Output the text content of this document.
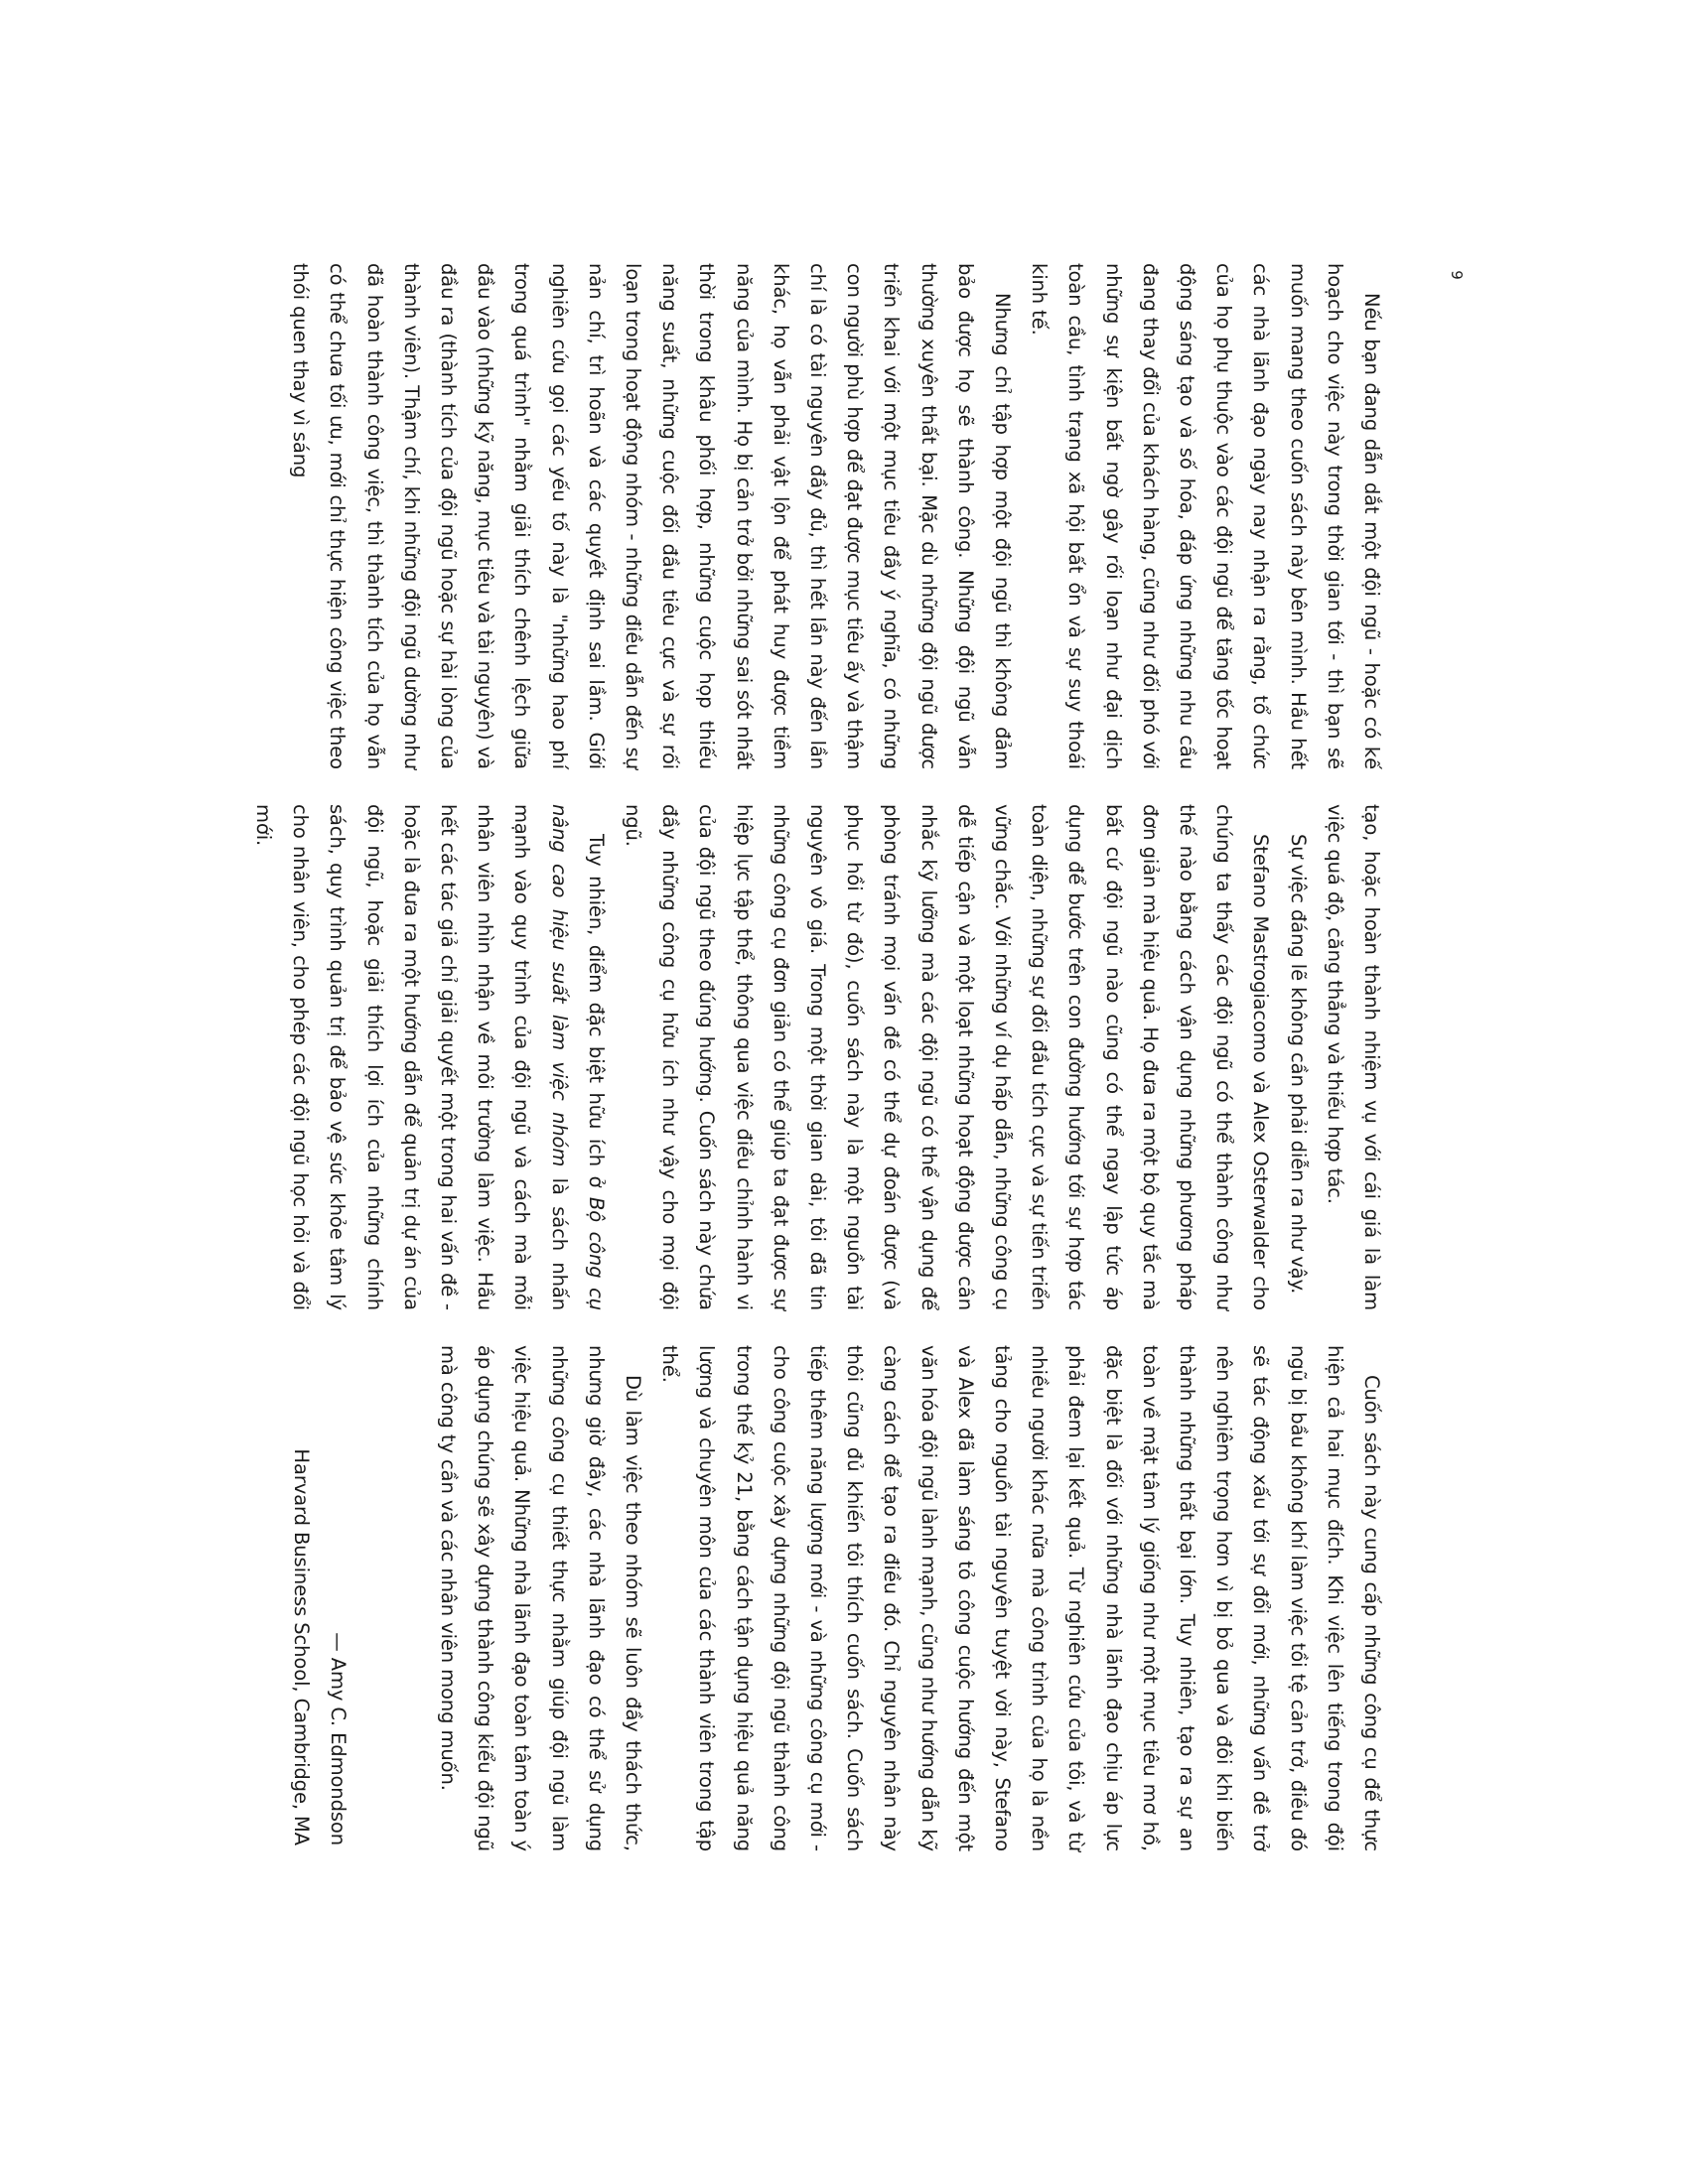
Nếu bạn đang dẫn dắt một đội ngũ - hoặc có kế hoạch cho việc này trong thời gian tới - thì bạn sẽ muốn mang theo cuốn sách này bên mình. Hầu hết các nhà lãnh đạo ngày nay nhận ra rằng, tổ chức của họ phụ thuộc vào các đội ngũ để tăng tốc hoạt động sáng tạo và số hóa, đáp ứng những nhu cầu đang thay đổi của khách hàng, cũng như đối phó với những sự kiện bất ngờ gây rối loạn như đại dịch toàn cầu, tình trạng xã hội bất ổn và sự suy thoái kinh tế.

Nhưng chỉ tập hợp một đội ngũ thì không đảm bảo được họ sẽ thành công. Những đội ngũ vẫn thường xuyên thất bại. Mặc dù những đội ngũ được triển khai với một mục tiêu đầy ý nghĩa, có những con người phù hợp để đạt được mục tiêu ấy và thậm chí là có tài nguyên đầy đủ, thì hết lần này đến lần khác, họ vẫn phải vật lộn để phát huy được tiềm năng của mình. Họ bị cản trở bởi những sai sót nhất thời trong khâu phối hợp, những cuộc họp thiếu năng suất, những cuộc đối đầu tiêu cực và sự rối loạn trong hoạt động nhóm - những điều dẫn đến sự nản chí, trì hoãn và các quyết định sai lầm. Giới nghiên cứu gọi các yếu tố này là "những hao phí trong quá trình" nhằm giải thích chênh lệch giữa đầu vào (những kỹ năng, mục tiêu và tài nguyên) và đầu ra (thành tích của đội ngũ hoặc sự hài lòng của thành viên). Thậm chí, khi những đội ngũ dường như đã hoàn thành công việc, thì thành tích của họ vẫn có thể chưa tối ưu, mới chỉ thực hiện công việc theo thói quen thay vì sáng

tạo, hoặc hoàn thành nhiệm vụ với cái giá là làm việc quá độ, căng thẳng và thiếu hợp tác.

Sự việc đáng lẽ không cần phải diễn ra như vậy.

Stefano Mastrogiacomo và Alex Osterwalder cho chúng ta thấy các đội ngũ có thể thành công như thế nào bằng cách vận dụng những phương pháp đơn giản mà hiệu quả. Họ đưa ra một bộ quy tắc mà bất cứ đội ngũ nào cũng có thể ngay lập tức áp dụng để bước trên con đường hướng tới sự hợp tác toàn diện, những sự đối đầu tích cực và sự tiến triển vững chắc. Với những ví dụ hấp dẫn, những công cụ dễ tiếp cận và một loạt những hoạt động được cân nhắc kỹ lưỡng mà các đội ngũ có thể vận dụng để phòng tránh mọi vấn đề có thể dự đoán được (và phục hồi từ đó), cuốn sách này là một nguồn tài nguyên vô giá. Trong một thời gian dài, tôi đã tin những công cụ đơn giản có thể giúp ta đạt được sự hiệp lực tập thể, thông qua việc điều chỉnh hành vi của đội ngũ theo đúng hướng. Cuốn sách này chứa đầy những công cụ hữu ích như vậy cho mọi đội ngũ.

Tuy nhiên, điểm đặc biệt hữu ích ở Bộ công cụ nâng cao hiệu suất làm việc nhóm là sách nhấn mạnh vào quy trình của đội ngũ và cách mà mỗi nhân viên nhìn nhận về môi trường làm việc. Hầu hết các tác giả chỉ giải quyết một trong hai vấn đề - hoặc là đưa ra một hướng dẫn để quản trị dự án của đội ngũ, hoặc giải thích lợi ích của những chính sách, quy trình quản trị để bảo vệ sức khỏe tâm lý cho nhân viên, cho phép các đội ngũ học hỏi và đổi mới.

Cuốn sách này cung cấp những công cụ để thực hiện cả hai mục đích. Khi việc lên tiếng trong đội ngũ bị bầu không khí làm việc tồi tệ cản trở, điều đó sẽ tác động xấu tới sự đổi mới, những vấn đề trở nên nghiêm trọng hơn vì bị bỏ qua và đôi khi biến thành những thất bại lớn. Tuy nhiên, tạo ra sự an toàn về mặt tâm lý giống như một mục tiêu mơ hồ, đặc biệt là đối với những nhà lãnh đạo chịu áp lực phải đem lại kết quả. Từ nghiên cứu của tôi, và từ nhiều người khác nữa mà công trình của họ là nền tảng cho nguồn tài nguyên tuyệt vời này, Stefano và Alex đã làm sáng tỏ công cuộc hướng đến một văn hóa đội ngũ lành mạnh, cũng như hướng dẫn kỹ càng cách để tạo ra điều đó. Chỉ nguyên nhân này thôi cũng đủ khiến tôi thích cuốn sách. Cuốn sách tiếp thêm năng lượng mới - và những công cụ mới - cho công cuộc xây dựng những đội ngũ thành công trong thế kỷ 21, bằng cách tận dụng hiệu quả năng lượng và chuyên môn của các thành viên trong tập thể.

Dù làm việc theo nhóm sẽ luôn đầy thách thức, nhưng giờ đây, các nhà lãnh đạo có thể sử dụng những công cụ thiết thực nhằm giúp đội ngũ làm việc hiệu quả. Những nhà lãnh đạo toàn tâm toàn ý áp dụng chúng sẽ xây dựng thành công kiểu đội ngũ mà công ty cần và các nhân viên mong muốn.

— Amy C. Edmondson

Harvard Business School, Cambridge, MA

9
